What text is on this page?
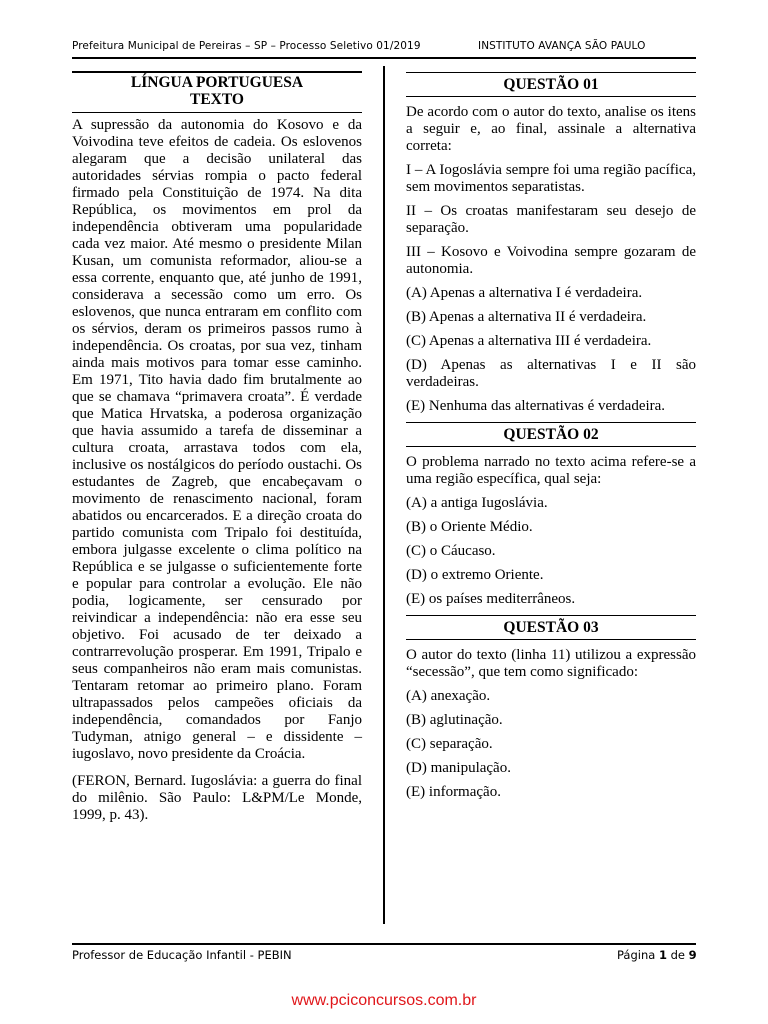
Prefeitura Municipal de Pereiras – SP – Processo Seletivo 01/2019	INSTITUTO AVANÇA SÃO PAULO
LÍNGUA PORTUGUESA
TEXTO
A supressão da autonomia do Kosovo e da Voivodina teve efeitos de cadeia. Os eslovenos alegaram que a decisão unilateral das autoridades sérvias rompia o pacto federal firmado pela Constituição de 1974. Na dita República, os movimentos em prol da independência obtiveram uma popularidade cada vez maior. Até mesmo o presidente Milan Kusan, um comunista reformador, aliou-se a essa corrente, enquanto que, até junho de 1991, considerava a secessão como um erro. Os eslovenos, que nunca entraram em conflito com os sérvios, deram os primeiros passos rumo à independência. Os croatas, por sua vez, tinham ainda mais motivos para tomar esse caminho. Em 1971, Tito havia dado fim brutalmente ao que se chamava “primavera croata”. É verdade que Matica Hrvatska, a poderosa organização que havia assumido a tarefa de disseminar a cultura croata, arrastava todos com ela, inclusive os nostálgicos do período oustachi. Os estudantes de Zagreb, que encabeçavam o movimento de renascimento nacional, foram abatidos ou encarcerados. E a direção croata do partido comunista com Tripalo foi destituída, embora julgasse excelente o clima político na República e se julgasse o suficientemente forte e popular para controlar a evolução. Ele não podia, logicamente, ser censurado por reivindicar a independência: não era esse seu objetivo. Foi acusado de ter deixado a contrarrevolução prosperar. Em 1991, Tripalo e seus companheiros não eram mais comunistas. Tentaram retomar ao primeiro plano. Foram ultrapassados pelos campeões oficiais da independência, comandados por Fanjo Tudyman, atnigo general – e dissidente – iugoslavo, novo presidente da Croácia.
(FERON, Bernard. Iugoslávia: a guerra do final do milênio. São Paulo: L&PM/Le Monde, 1999, p. 43).
QUESTÃO 01
De acordo com o autor do texto, analise os itens a seguir e, ao final, assinale a alternativa correta:
I – A Iogoslávia sempre foi uma região pacífica, sem movimentos separatistas.
II – Os croatas manifestaram seu desejo de separação.
III – Kosovo e Voivodina sempre gozaram de autonomia.
(A) Apenas a alternativa I é verdadeira.
(B) Apenas a alternativa II é verdadeira.
(C) Apenas a alternativa III é verdadeira.
(D) Apenas as alternativas I e II são verdadeiras.
(E) Nenhuma das alternativas é verdadeira.
QUESTÃO 02
O problema narrado no texto acima refere-se a uma região específica, qual seja:
(A) a antiga Iugoslávia.
(B) o Oriente Médio.
(C) o Cáucaso.
(D) o extremo Oriente.
(E) os países mediterrâneos.
QUESTÃO 03
O autor do texto (linha 11) utilizou a expressão “secessão”, que tem como significado:
(A) anexação.
(B) aglutinação.
(C) separação.
(D) manipulação.
(E) informação.
Professor de Educação Infantil - PEBIN	Página 1 de 9
www.pciconcursos.com.br
